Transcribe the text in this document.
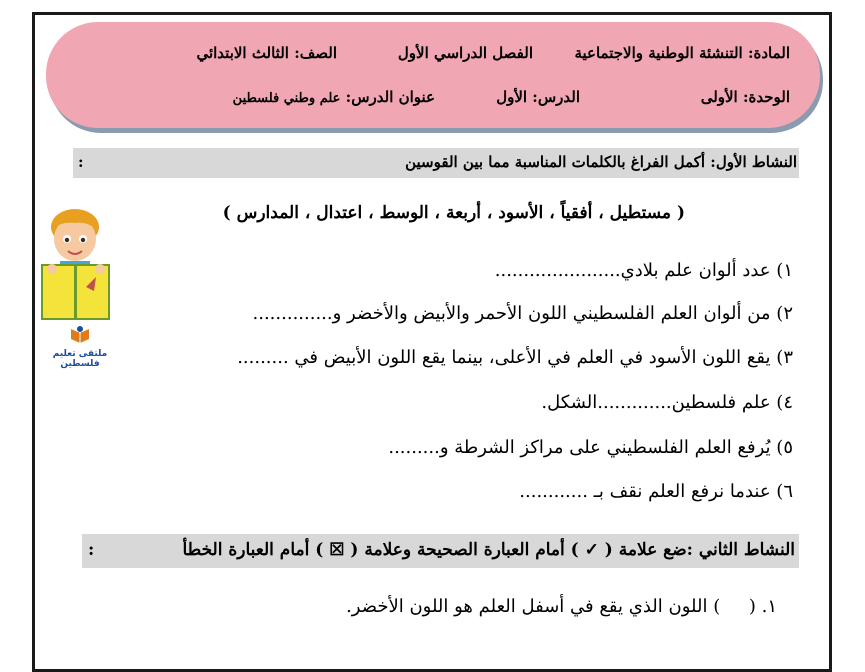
المادة: التنشئة الوطنية والاجتماعية
الفصل الدراسي الأول
الصف: الثالث الابتدائي
الوحدة: الأولى
الدرس: الأول
عنوان الدرس: علم وطني فلسطين
النشاط الأول: أكمل الفراغ بالكلمات المناسبة مما بين القوسين
:
( مستطيل ، أفقياً ، الأسود ، أربعة ، الوسط ، اعتدال ، المدارس )
ملتقى تعليم فلسطين
١) عدد ألوان علم بلادي......................
٢) من ألوان العلم الفلسطيني اللون الأحمر والأبيض والأخضر و..............
٣) يقع اللون الأسود في العلم في الأعلى، بينما يقع اللون الأبيض في .........
٤) علم فلسطين.............الشكل.
٥) يُرفع العلم الفلسطيني على مراكز الشرطة و.........
٦) عندما نرفع العلم نقف بـ ............
النشاط الثاني :ضع علامة ( ✓ ) أمام العبارة الصحيحة وعلامة ( ☒ ) أمام العبارة الخطأ
:
١. (     ) اللون الذي يقع في أسفل العلم هو اللون الأخضر.
